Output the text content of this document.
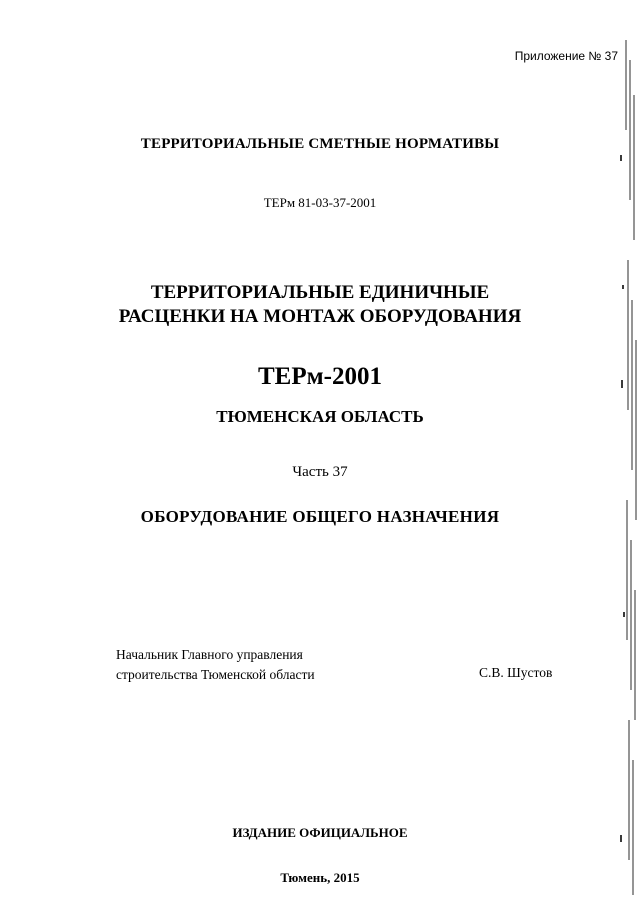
Приложение № 37
ТЕРРИТОРИАЛЬНЫЕ СМЕТНЫЕ НОРМАТИВЫ
ТЕРм 81-03-37-2001
ТЕРРИТОРИАЛЬНЫЕ ЕДИНИЧНЫЕ
РАСЦЕНКИ НА МОНТАЖ ОБОРУДОВАНИЯ
ТЕРм-2001
ТЮМЕНСКАЯ ОБЛАСТЬ
Часть 37
ОБОРУДОВАНИЕ ОБЩЕГО НАЗНАЧЕНИЯ
Начальник Главного управления
строительства Тюменской области	С.В. Шустов
ИЗДАНИЕ ОФИЦИАЛЬНОЕ
Тюмень, 2015
